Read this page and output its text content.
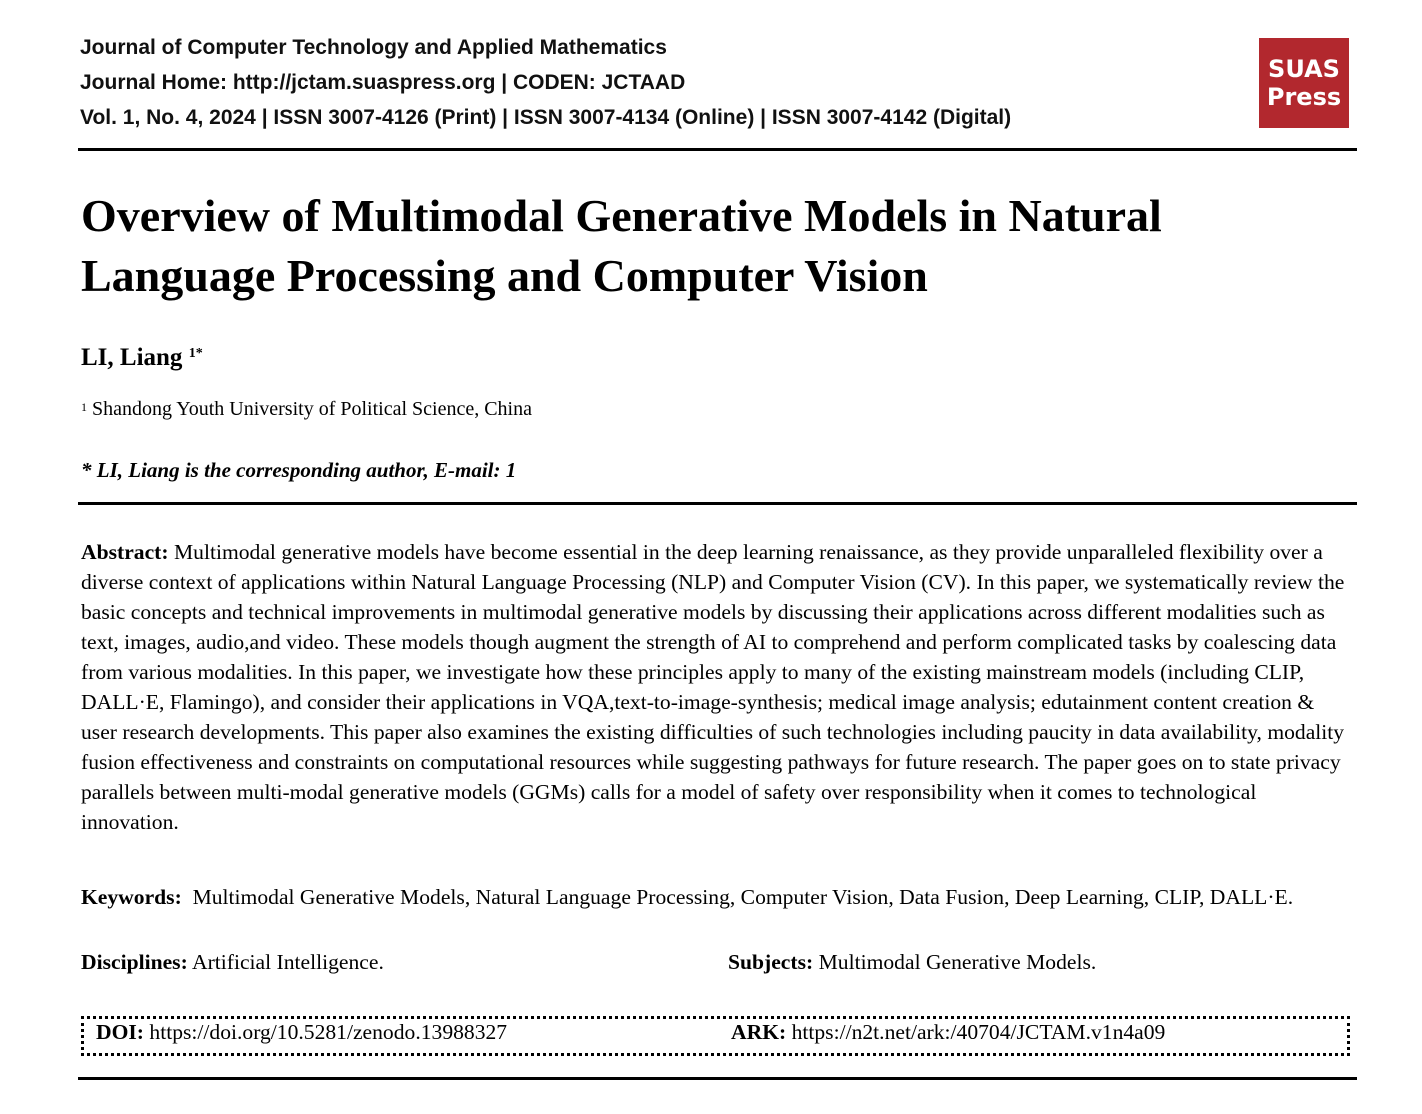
Journal of Computer Technology and Applied Mathematics
Journal Home: http://jctam.suaspress.org | CODEN: JCTAAD
Vol. 1, No. 4, 2024 | ISSN 3007-4126 (Print) | ISSN 3007-4134 (Online) | ISSN 3007-4142 (Digital)
SUAS
Press
Overview of Multimodal Generative Models in Natural
Language Processing and Computer Vision
LI, Liang $^{1*}$
$^1$ Shandong Youth University of Political Science, China
* LI, Liang is the corresponding author, E-mail: 1
Abstract: Multimodal generative models have become essential in the deep learning renaissance, as they provide unparalleled flexibility over a diverse context of applications within Natural Language Processing (NLP) and Computer Vision (CV). In this paper, we systematically review the basic concepts and technical improvements in multimodal generative models by discussing their applications across different modalities such as text, images, audio,and video. These models though augment the strength of AI to comprehend and perform complicated tasks by coalescing data from various modalities. In this paper, we investigate how these principles apply to many of the existing mainstream models (including CLIP, DALL·E, Flamingo), and consider their applications in VQA,text-to-image-synthesis; medical image analysis; edutainment content creation & user research developments. This paper also examines the existing difficulties of such technologies including paucity in data availability, modality fusion effectiveness and constraints on computational resources while suggesting pathways for future research. The paper goes on to state privacy parallels between multi-modal generative models (GGMs) calls for a model of safety over responsibility when it comes to technological innovation.
Keywords: Multimodal Generative Models, Natural Language Processing, Computer Vision, Data Fusion, Deep Learning, CLIP, DALL·E.
Disciplines: Artificial Intelligence.	Subjects: Multimodal Generative Models.
DOI: https://doi.org/10.5281/zenodo.13988327	ARK: https://n2t.net/ark:/40704/JCTAM.v1n4a09
